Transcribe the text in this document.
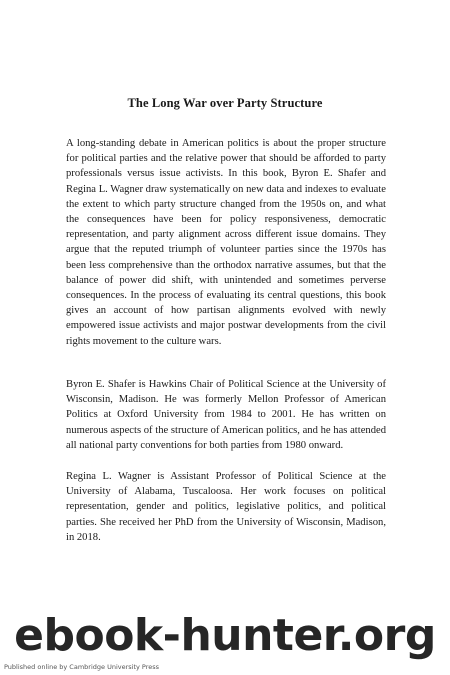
The Long War over Party Structure

A long-standing debate in American politics is about the proper structure for political parties and the relative power that should be afforded to party professionals versus issue activists. In this book, Byron E. Shafer and Regina L. Wagner draw systematically on new data and indexes to evaluate the extent to which party structure changed from the 1950s on, and what the consequences have been for policy responsiveness, democratic representation, and party alignment across different issue domains. They argue that the reputed triumph of volunteer parties since the 1970s has been less comprehensive than the orthodox narrative assumes, but that the balance of power did shift, with unintended and sometimes perverse consequences. In the process of evaluating its central questions, this book gives an account of how partisan alignments evolved with newly empowered issue activists and major postwar developments from the civil rights movement to the culture wars.

Byron E. Shafer is Hawkins Chair of Political Science at the University of Wisconsin, Madison. He was formerly Mellon Professor of American Politics at Oxford University from 1984 to 2001. He has written on numerous aspects of the structure of American politics, and he has attended all national party conventions for both parties from 1980 onward.

Regina L. Wagner is Assistant Professor of Political Science at the University of Alabama, Tuscaloosa. Her work focuses on political representation, gender and politics, legislative politics, and political parties. She received her PhD from the University of Wisconsin, Madison, in 2018.

ebook-hunter.org
Published online by Cambridge University Press
